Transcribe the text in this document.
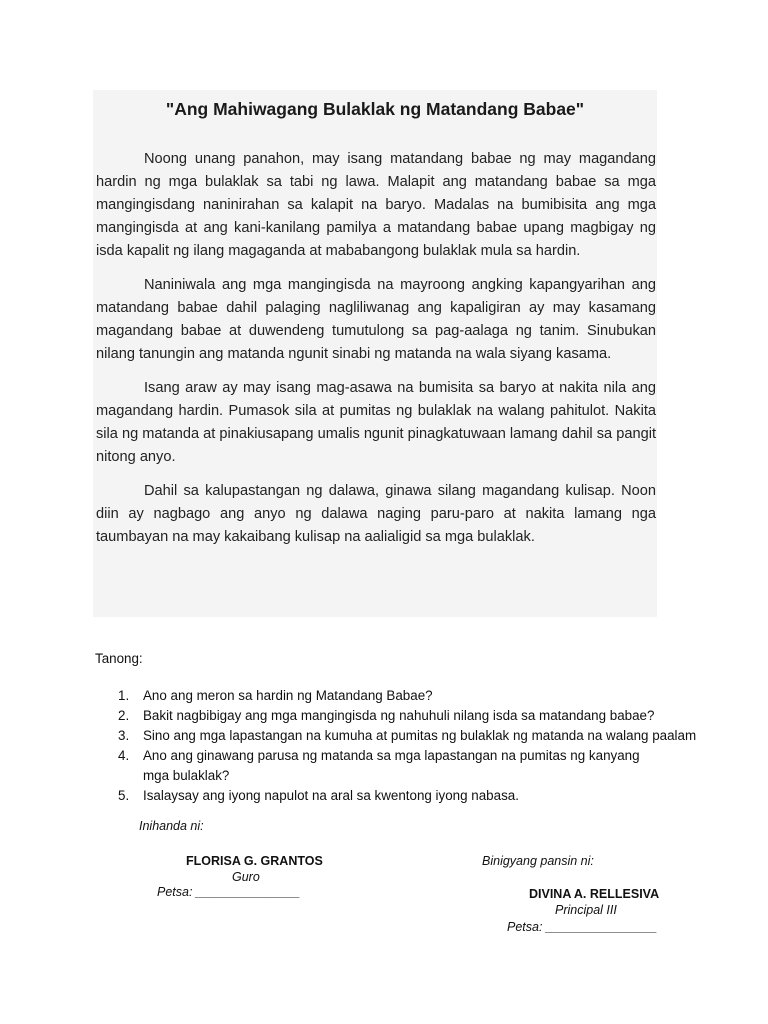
"Ang Mahiwagang Bulaklak ng Matandang Babae"

Noong unang panahon, may isang matandang babae ng may magandang hardin ng mga bulaklak sa tabi ng lawa. Malapit ang matandang babae sa mga mangingisdang naninirahan sa kalapit na baryo. Madalas na bumibisita ang mga mangingisda at ang kani-kanilang pamilya a matandang babae upang magbigay ng isda kapalit ng ilang magaganda at mababangong bulaklak mula sa hardin.

Naniniwala ang mga mangingisda na mayroong angking kapangyarihan ang matandang babae dahil palaging nagliliwanag ang kapaligiran ay may kasamang magandang babae at duwendeng tumutulong sa pag-aalaga ng tanim. Sinubukan nilang tanungin ang matanda ngunit sinabi ng matanda na wala siyang kasama.

Isang araw ay may isang mag-asawa na bumisita sa baryo at nakita nila ang magandang hardin. Pumasok sila at pumitas ng bulaklak na walang pahitulot. Nakita sila ng matanda at pinakiusapang umalis ngunit pinagkatuwaan lamang dahil sa pangit nitong anyo.

Dahil sa kalupastangan ng dalawa, ginawa silang magandang kulisap. Noon diin ay nagbago ang anyo ng dalawa naging paru-paro at nakita lamang nga taumbayan na may kakaibang kulisap na aalialigid sa mga bulaklak.

Tanong:
1. Ano ang meron sa hardin ng Matandang Babae?
2. Bakit nagbibigay ang mga mangingisda ng nahuhuli nilang isda sa matandang babae?
3. Sino ang mga lapastangan na kumuha at pumitas ng bulaklak ng matanda na walang paalam
4. Ano ang ginawang parusa ng matanda sa mga lapastangan na pumitas ng kanyang mga bulaklak?
5. Isalaysay ang iyong napulot na aral sa kwentong iyong nabasa.
Inihanda ni:
FLORISA G. GRANTOS
Guro
Petsa: _______________
Binigyang pansin ni:
DIVINA A. RELLESIVA
Principal III
Petsa: ________________
